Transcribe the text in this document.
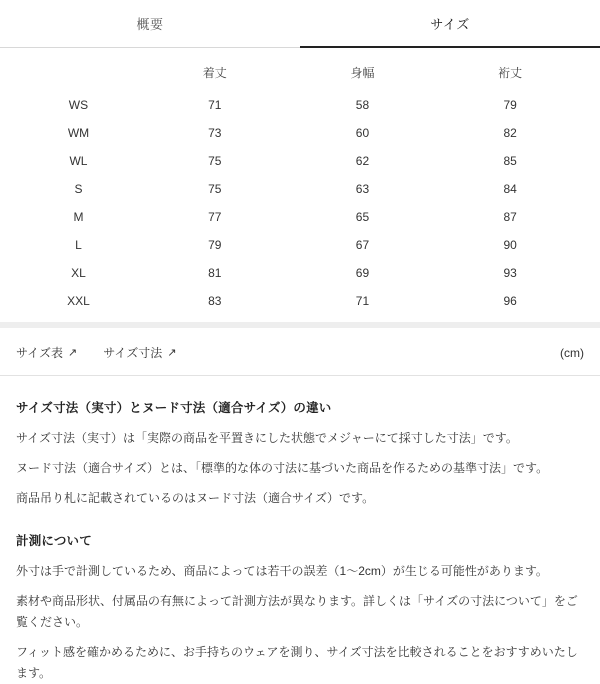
概要	サイズ
	着丈	身幅	裄丈
WS	71	58	79
WM	73	60	82
WL	75	62	85
S	75	63	84
M	77	65	87
L	79	67	90
XL	81	69	93
XXL	83	71	96
サイズ表 ↗ サイズ寸法 ↗	(cm)
サイズ寸法（実寸）とヌード寸法（適合サイズ）の違い

サイズ寸法（実寸）は「実際の商品を平置きにした状態でメジャーにて採寸した寸法」です。

ヌード寸法（適合サイズ）とは、「標準的な体の寸法に基づいた商品を作るための基準寸法」です。

商品吊り札に記載されているのはヌード寸法（適合サイズ）です。

計測について

外寸は手で計測しているため、商品によっては若干の誤差（1〜2cm）が生じる可能性があります。

素材や商品形状、付属品の有無によって計測方法が異なります。詳しくは「サイズの寸法について」をご覧ください。

フィット感を確かめるために、お手持ちのウェアを測り、サイズ寸法を比較されることをおすすめいたします。
